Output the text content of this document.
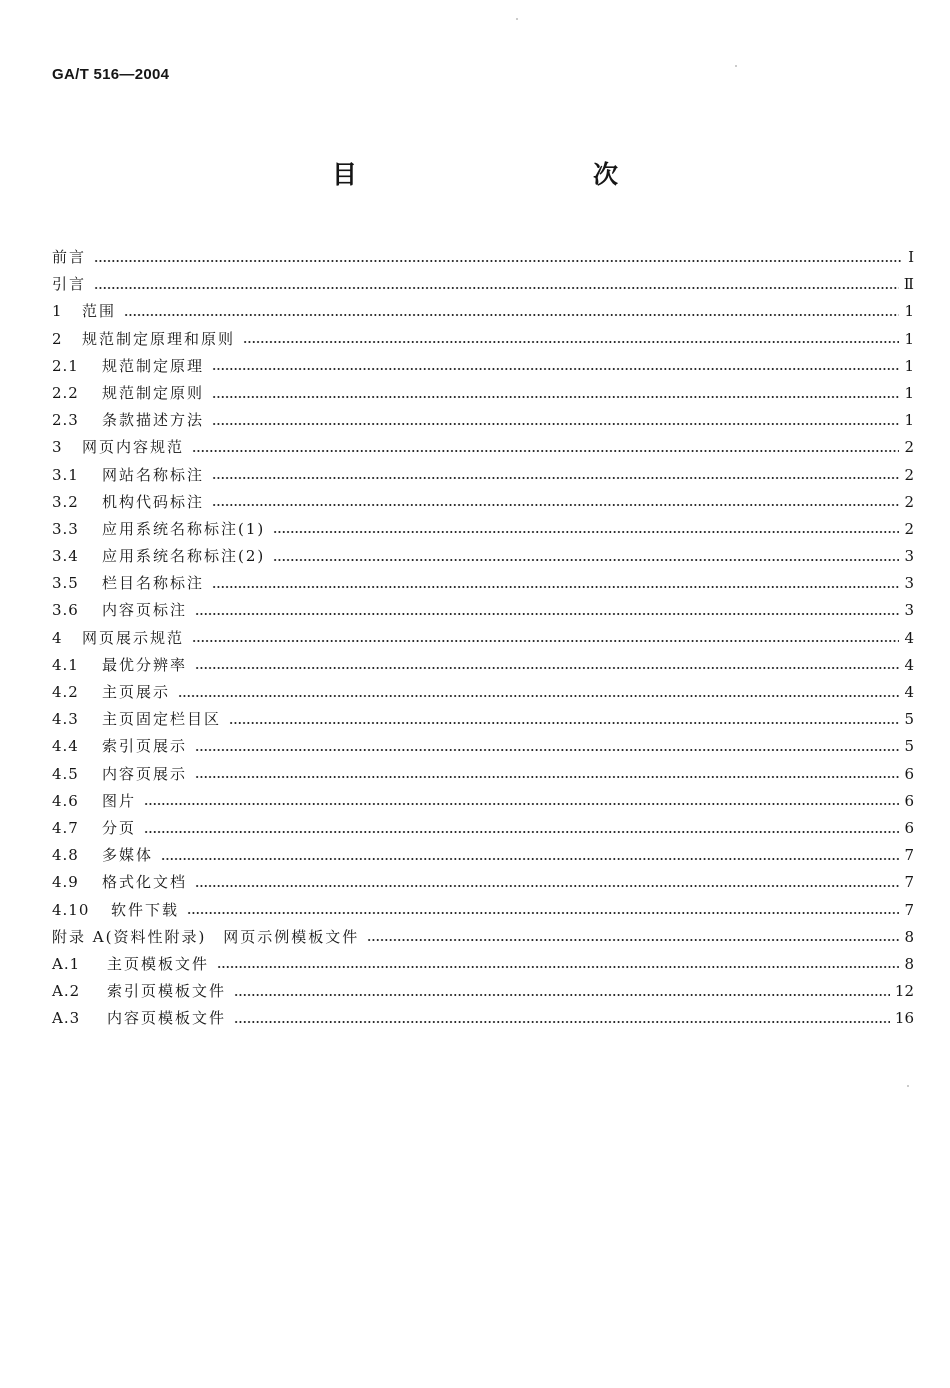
GA/T 516—2004
目　　次
前言	I
引言	Ⅱ
1	范围	1
2	规范制定原理和原则	1
2.1	规范制定原理	1
2.2	规范制定原则	1
2.3	条款描述方法	1
3	网页内容规范	2
3.1	网站名称标注	2
3.2	机构代码标注	2
3.3	应用系统名称标注(1)	2
3.4	应用系统名称标注(2)	3
3.5	栏目名称标注	3
3.6	内容页标注	3
4	网页展示规范	4
4.1	最优分辨率	4
4.2	主页展示	4
4.3	主页固定栏目区	5
4.4	索引页展示	5
4.5	内容页展示	6
4.6	图片	6
4.7	分页	6
4.8	多媒体	7
4.9	格式化文档	7
4.10	软件下载	7
附录 A(资料性附录)　网页示例模板文件	8
A.1	主页模板文件	8
A.2	索引页模板文件	12
A.3	内容页模板文件	16
